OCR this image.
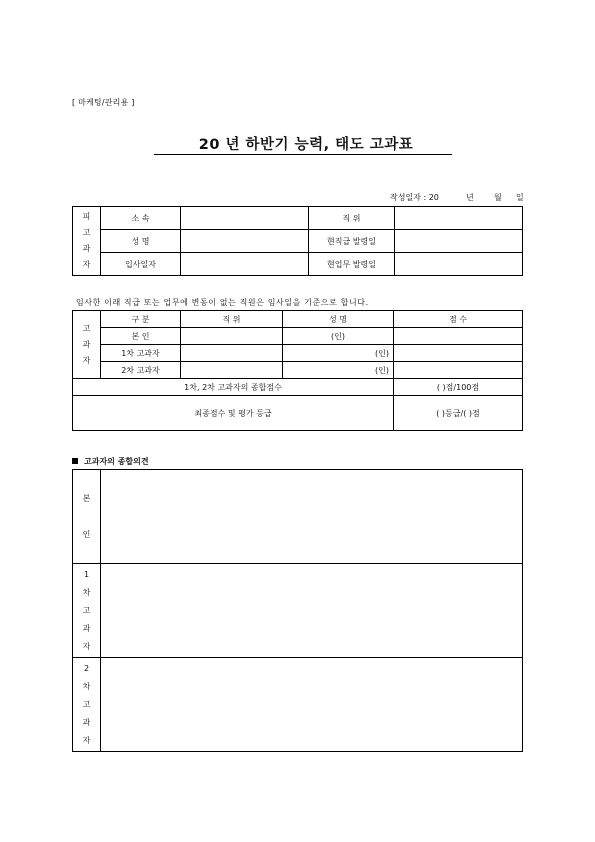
[ 마케팅/관리용 ]
20 년 하반기 능력, 태도 고과표
작성일자 : 20	년	월 일
피
고
과
자	소 속		직 위	
	성 명		현직급 발령일	
	입사일자		현업무 발령일	
임사한 이래 직급 또는 업무에 변동이 없는 직원은 임사일을 기준으로 합니다.
고
과
자	구 분	직 위	성 명	점 수
	본 인		(인)	
	1차 고과자		(인)	
	2차 고과자		(인)	
1차, 2차 고과자의 종합점수				( )점/100점
최종점수 및 평가 등급				( )등급/( )점
고과자의 종합의견
본
인	

1
차
고
과
자	

2
차
고
과
자	
